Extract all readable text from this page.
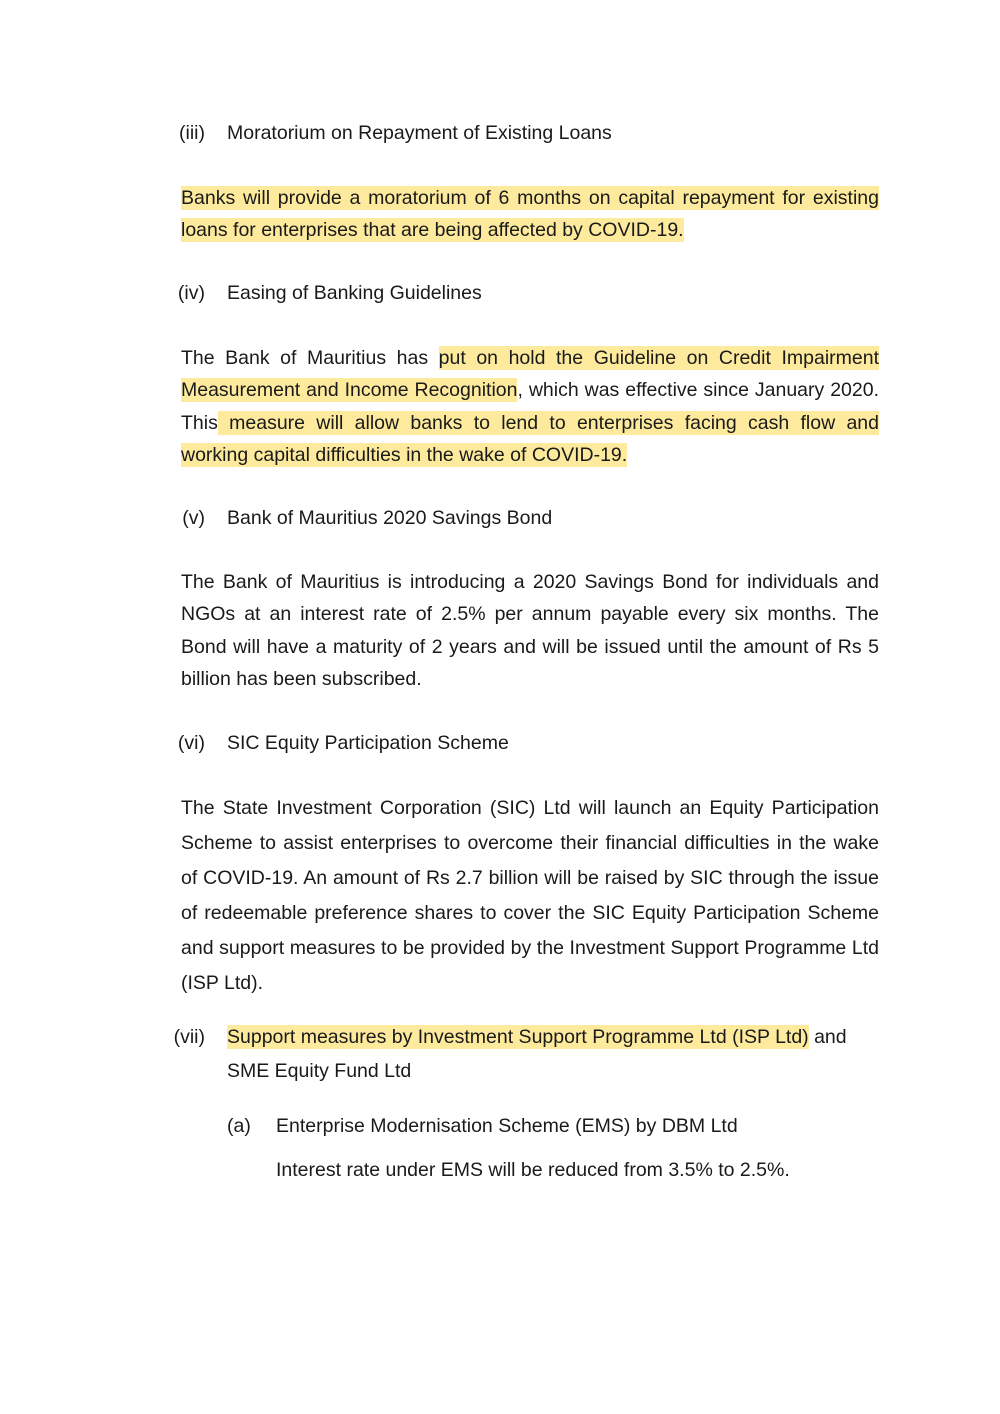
(iii) Moratorium on Repayment of Existing Loans

Banks will provide a moratorium of 6 months on capital repayment for existing loans for enterprises that are being affected by COVID-19.

(iv) Easing of Banking Guidelines

The Bank of Mauritius has put on hold the Guideline on Credit Impairment Measurement and Income Recognition, which was effective since January 2020. This measure will allow banks to lend to enterprises facing cash flow and working capital difficulties in the wake of COVID-19.

(v) Bank of Mauritius 2020 Savings Bond

The Bank of Mauritius is introducing a 2020 Savings Bond for individuals and NGOs at an interest rate of 2.5% per annum payable every six months. The Bond will have a maturity of 2 years and will be issued until the amount of Rs 5 billion has been subscribed.

(vi) SIC Equity Participation Scheme

The State Investment Corporation (SIC) Ltd will launch an Equity Participation Scheme to assist enterprises to overcome their financial difficulties in the wake of COVID-19. An amount of Rs 2.7 billion will be raised by SIC through the issue of redeemable preference shares to cover the SIC Equity Participation Scheme and support measures to be provided by the Investment Support Programme Ltd (ISP Ltd).

(vii) Support measures by Investment Support Programme Ltd (ISP Ltd) and SME Equity Fund Ltd

(a) Enterprise Modernisation Scheme (EMS) by DBM Ltd
Interest rate under EMS will be reduced from 3.5% to 2.5%.
